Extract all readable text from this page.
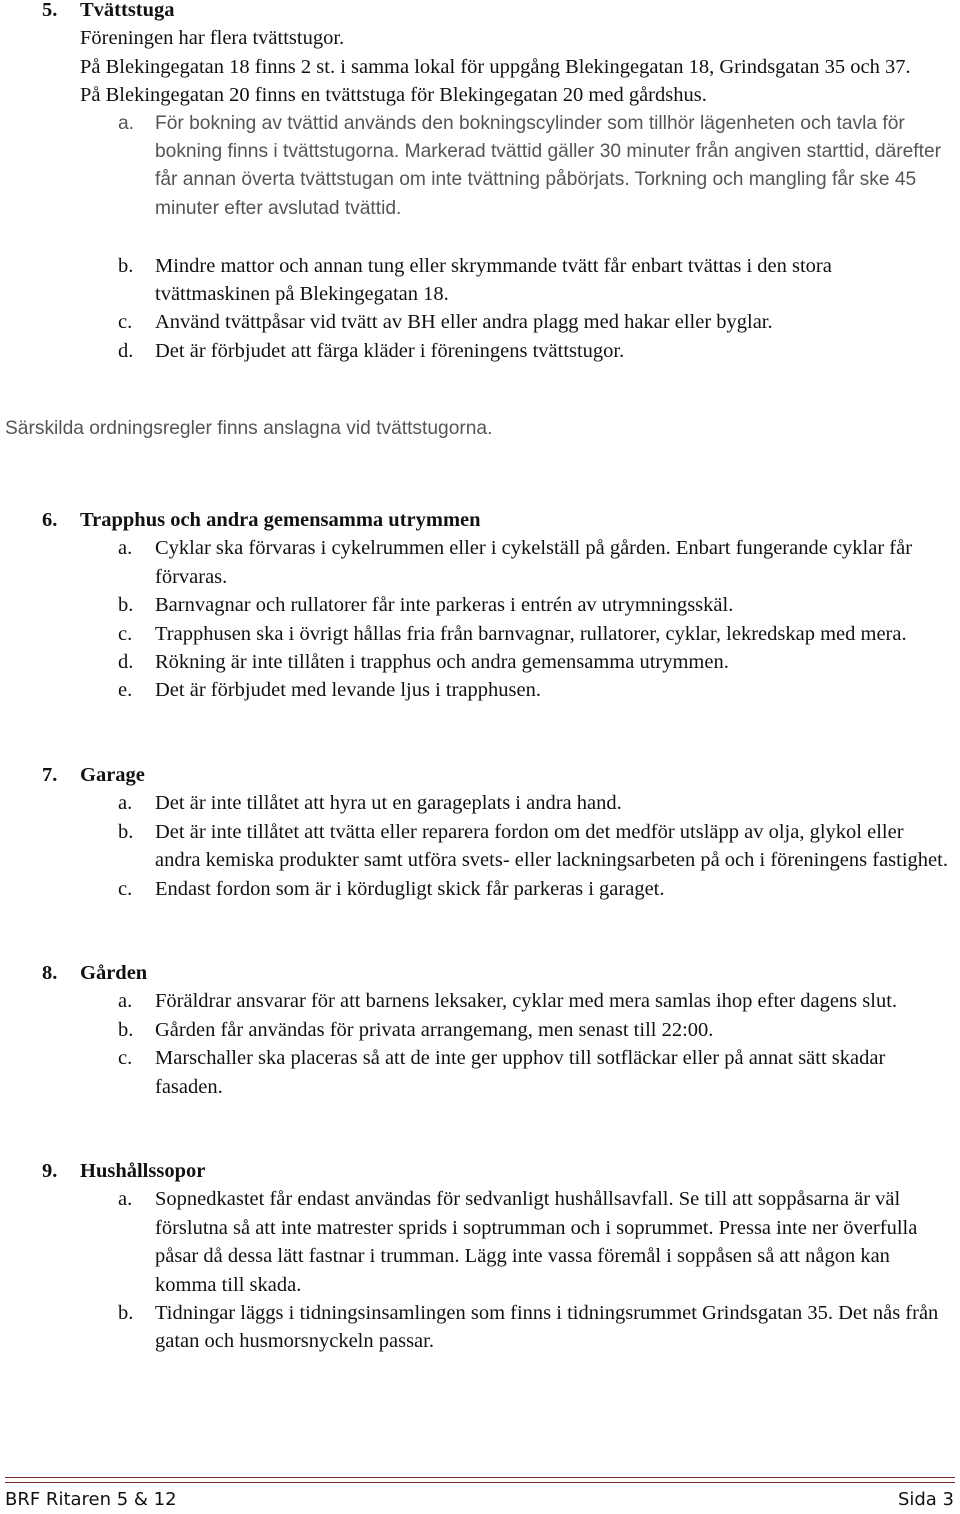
5. Tvättstuga

Föreningen har flera tvättstugor.

På Blekingegatan 18 finns 2 st. i samma lokal för uppgång Blekingegatan 18, Grindsgatan 35 och 37.

På Blekingegatan 20 finns en tvättstuga för Blekingegatan 20 med gårdshus.

a. För bokning av tvättid används den bokningscylinder som tillhör lägenheten och tavla för bokning finns i tvättstugorna. Markerad tvättid gäller 30 minuter från angiven starttid, därefter får annan överta tvättstugan om inte tvättning påbörjats. Torkning och mangling får ske 45 minuter efter avslutad tvättid.
b. Mindre mattor och annan tung eller skrymmande tvätt får enbart tvättas i den stora tvättmaskinen på Blekingegatan 18.
c. Använd tvättpåsar vid tvätt av BH eller andra plagg med hakar eller byglar.
d. Det är förbjudet att färga kläder i föreningens tvättstugor.
Särskilda ordningsregler finns anslagna vid tvättstugorna.
6. Trapphus och andra gemensamma utrymmen
a. Cyklar ska förvaras i cykelrummen eller i cykelställ på gården. Enbart fungerande cyklar får förvaras.
b. Barnvagnar och rullatorer får inte parkeras i entrén av utrymningsskäl.
c. Trapphusen ska i övrigt hållas fria från barnvagnar, rullatorer, cyklar, lekredskap med mera.
d. Rökning är inte tillåten i trapphus och andra gemensamma utrymmen.
e. Det är förbjudet med levande ljus i trapphusen.
7. Garage
a. Det är inte tillåtet att hyra ut en garageplats i andra hand.
b. Det är inte tillåtet att tvätta eller reparera fordon om det medför utsläpp av olja, glykol eller andra kemiska produkter samt utföra svets- eller lackningsarbeten på och i föreningens fastighet.
c. Endast fordon som är i kördugligt skick får parkeras i garaget.
8. Gården
a. Föräldrar ansvarar för att barnens leksaker, cyklar med mera samlas ihop efter dagens slut.
b. Gården får användas för privata arrangemang, men senast till 22:00.
c. Marschaller ska placeras så att de inte ger upphov till sotfläckar eller på annat sätt skadar fasaden.
9. Hushållssopor
a. Sopnedkastet får endast användas för sedvanligt hushållsavfall. Se till att soppåsarna är väl förslutna så att inte matrester sprids i soptrumman och i soprummet. Pressa inte ner överfulla påsar då dessa lätt fastnar i trumman. Lägg inte vassa föremål i soppåsen så att någon kan komma till skada.
b. Tidningar läggs i tidningsinsamlingen som finns i tidningsrummet Grindsgatan 35. Det nås från gatan och husmorsnyckeln passar.
BRF Ritaren 5 & 12	Sida 3
